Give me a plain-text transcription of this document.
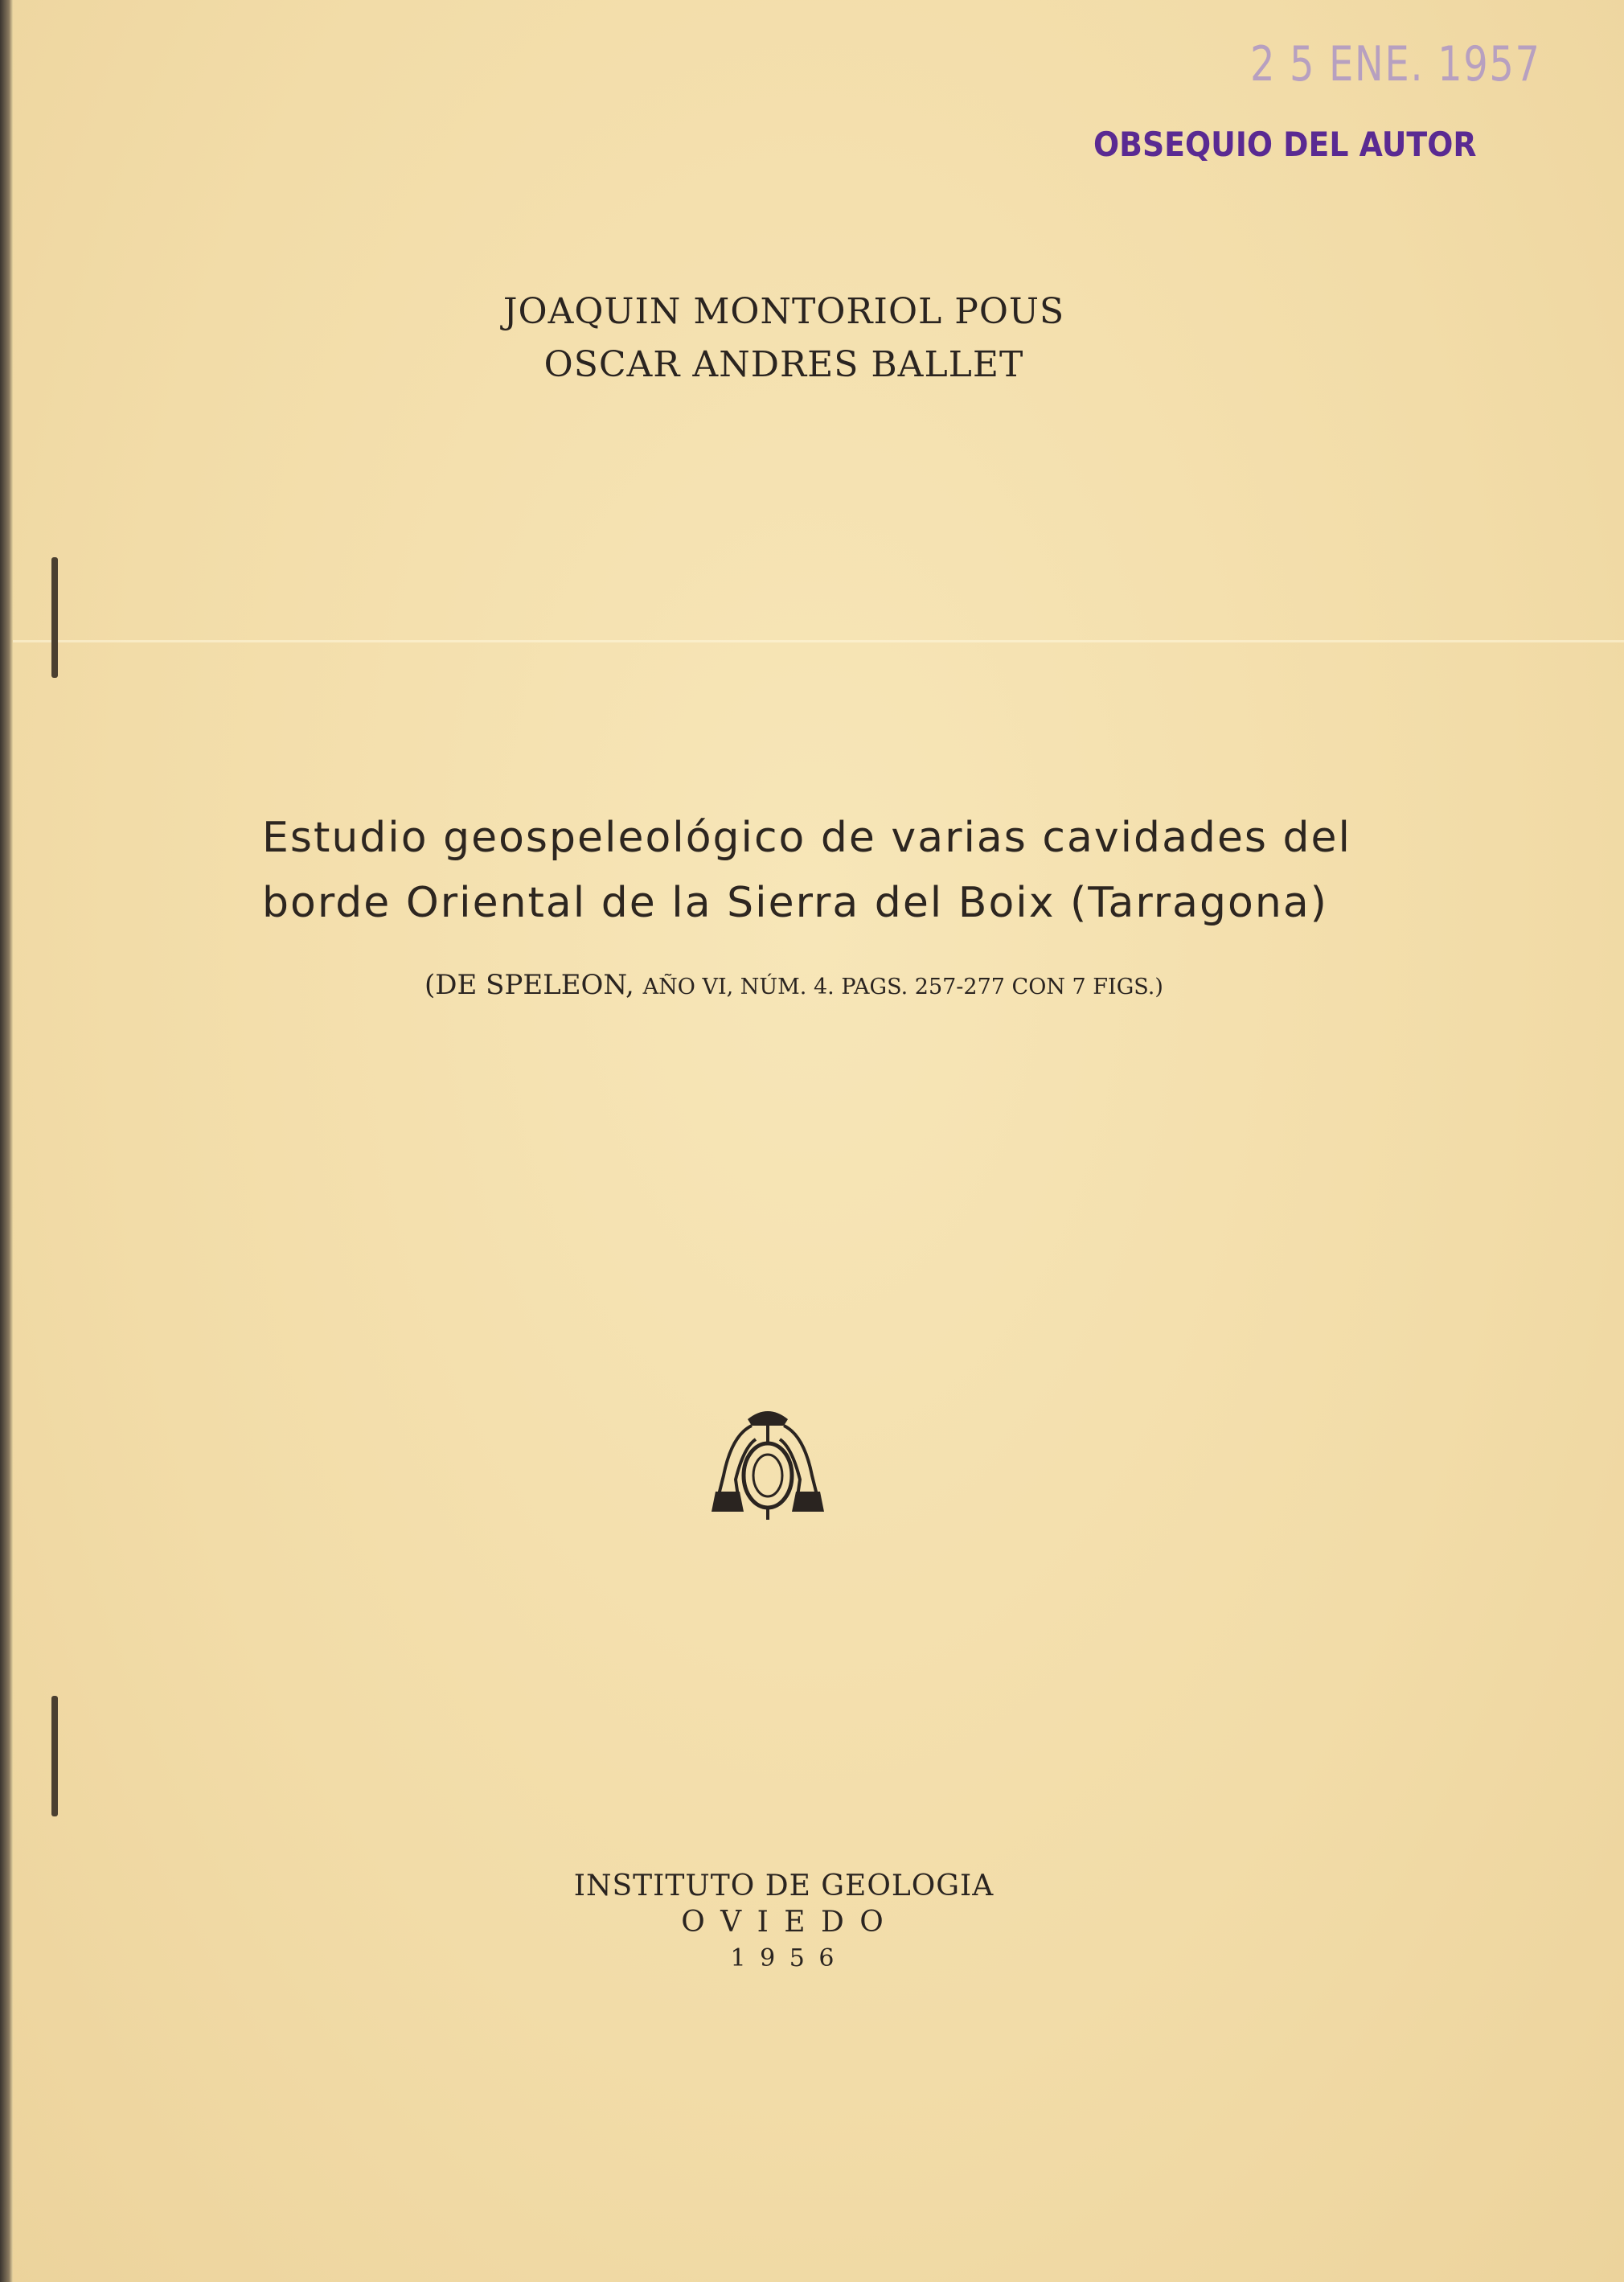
2 5 ENE. 1957
OBSEQUIO DEL AUTOR
JOAQUIN MONTORIOL POUS
OSCAR ANDRES BALLET
Estudio geospeleológico de varias cavidades del
borde Oriental de la Sierra del Boix (Tarragona)
(DE SPELEON, AÑO VI, NÚM. 4. PAGS. 257-277 CON 7 FIGS.)
INSTITUTO DE GEOLOGIA
O V I E D O
1 9 5 6
